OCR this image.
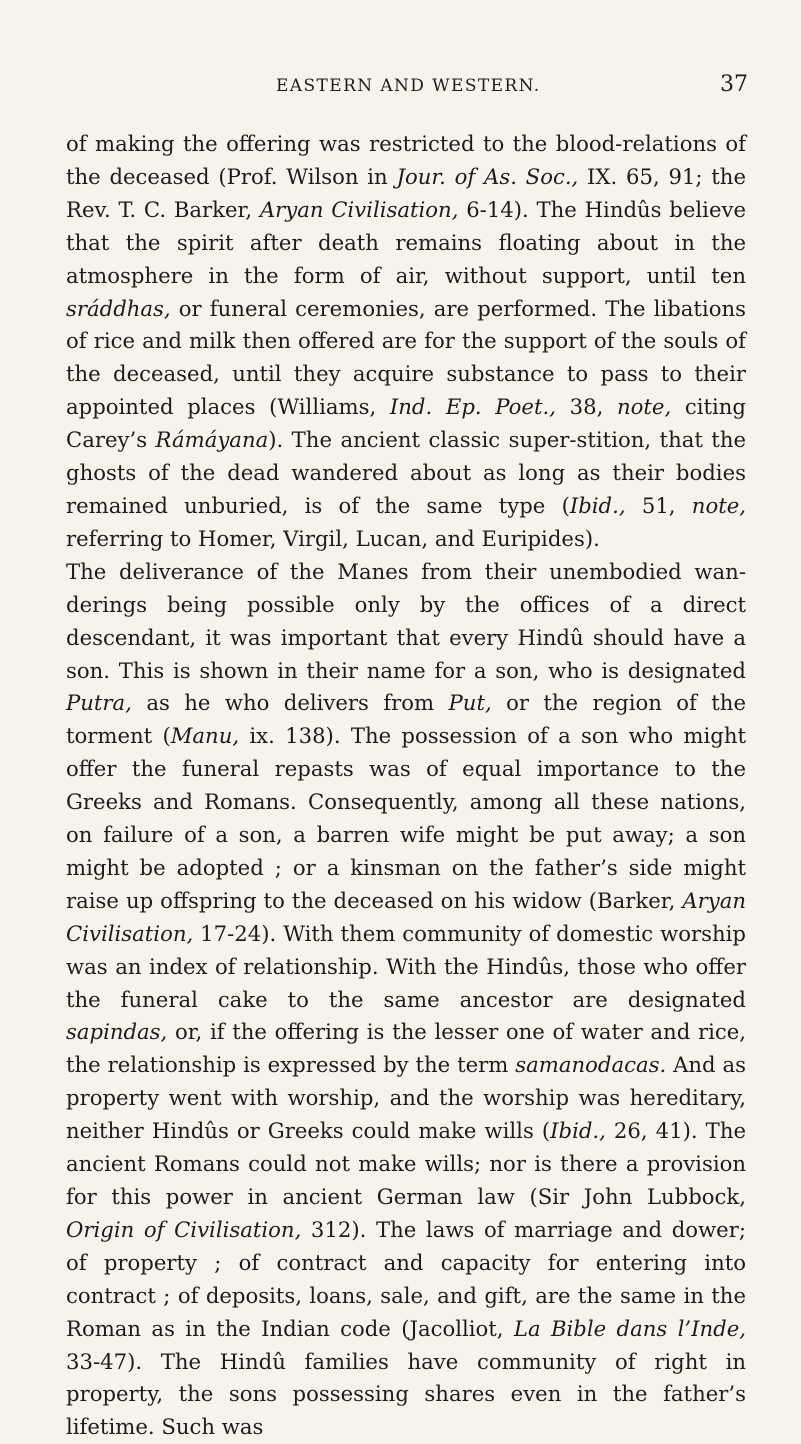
EASTERN AND WESTERN.	37

of making the offering was restricted to the blood-relations of the deceased (Prof. Wilson in Jour. of As. Soc., IX. 65, 91; the Rev. T. C. Barker, Aryan Civilisation, 6-14). The Hindûs believe that the spirit after death remains floating about in the atmosphere in the form of air, without support, until ten sráddhas, or funeral ceremonies, are performed. The libations of rice and milk then offered are for the support of the souls of the deceased, until they acquire substance to pass to their appointed places (Williams, Ind. Ep. Poet., 38, note, citing Carey’s Rámáyana). The ancient classic super-stition, that the ghosts of the dead wandered about as long as their bodies remained unburied, is of the same type (Ibid., 51, note, referring to Homer, Virgil, Lucan, and Euripides).

The deliverance of the Manes from their unembodied wan-derings being possible only by the offices of a direct descendant, it was important that every Hindû should have a son. This is shown in their name for a son, who is designated Putra, as he who delivers from Put, or the region of the torment (Manu, ix. 138). The possession of a son who might offer the funeral repasts was of equal importance to the Greeks and Romans. Consequently, among all these nations, on failure of a son, a barren wife might be put away; a son might be adopted ; or a kinsman on the father’s side might raise up offspring to the deceased on his widow (Barker, Aryan Civilisation, 17-24). With them community of domestic worship was an index of relationship. With the Hindûs, those who offer the funeral cake to the same ancestor are designated sapindas, or, if the offering is the lesser one of water and rice, the relationship is expressed by the term samanodacas. And as property went with worship, and the worship was hereditary, neither Hindûs or Greeks could make wills (Ibid., 26, 41). The ancient Romans could not make wills; nor is there a provision for this power in ancient German law (Sir John Lubbock, Origin of Civilisation, 312). The laws of marriage and dower; of property ; of contract and capacity for entering into contract ; of deposits, loans, sale, and gift, are the same in the Roman as in the Indian code (Jacolliot, La Bible dans l’Inde, 33-47). The Hindû families have community of right in property, the sons possessing shares even in the father’s lifetime. Such was
